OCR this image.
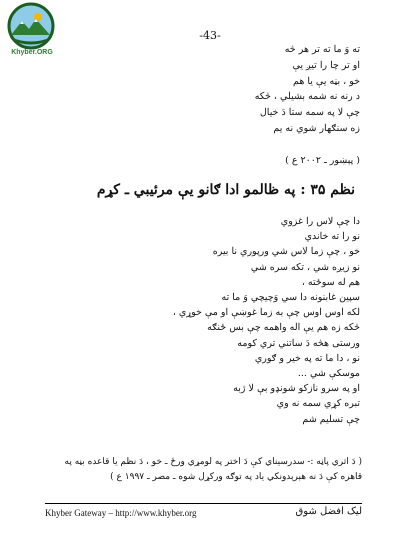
Khyber.ORG
-43-
ته وَ ما ته تر هر څه
او تر چا را تيږ يې
خو ، بڼه يې يا هم
د رنه نه شمه بشيلي ، څکه
چې لا په سمه ستا دَ خيال
زه سنګهار شوي نه يم
( پېښور ـ ۲۰۰۲ ع )
نظم ۳۵ : په ظالمو ادا ګانو يې مرئيبي ـ کړم
دا چې لاس را غزوي
نو را ته خاندي
خو ، چې زما لاس شي ورپوري نا بيره
نو زيږه شي ، تکه سره شي
هم له سوځته ،
سپين غابنونه دا سي وَچيچي وَ ما ته
لکه اوس اوس چې به زما غوښې او مې خوړي ،
څکه زه هم يې اله واهمه چې بس ځنګه
ورستی هڅه دَ ساتني تري کومه
نو ، دا ما ته په خير و ګوري
موسکې شي ...
او په سرو نازکو شونډو بې لا ژبه
تبره کړي سمه نه وي
چې تسليم شم
( دَ اثري پاڼه :- سدرسيناي کې دَ اختر په لومړي ورځ ـ خو ، دَ نظم يا قاعده بڼه په قاهره کې دَ نه هېرېدونکي ياد په توګه ورکړل شوه ـ مصر ـ ۱۹۹۷ ع )
Khyber Gateway – http://www.khyber.org	ليک افضل شوق
